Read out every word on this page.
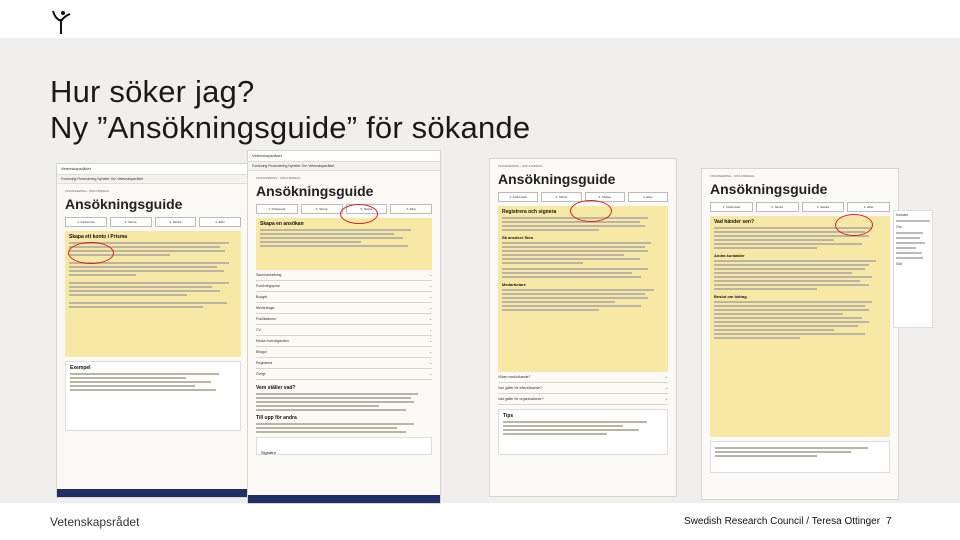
Hur söker jag?
Ny ”Ansökningsguide” för sökande
Vetenskapsrådet
Forskning Finansiering Nyheter Om Vetenskapsrådet
FINANSIERING › SÖKA BIDRAG
Ansökningsguide
1. Förbereda	2. Skriva	3. Skicka	4. Efter
Skapa ett konto i Prisma
Exempel
Vetenskapsrådet
Forskning Finansiering Nyheter Om Vetenskapsrådet
FINANSIERING › SÖKA BIDRAG
Ansökningsguide
1. Förbereda	2. Skriva	3. Skicka	4. Efter
Skapa en ansökan
Sammanfattning	⌄
Forskningsplan	⌄
Budget	⌄
Meriteringar	⌄
Publikationer	⌄
CV	⌄
Etiska överväganden	⌄
Bilagor	⌄
Registrera	⌄
Övrigt	⌄
Vem ställer vad?
Till upp för andra
Signatur
FINANSIERING › SÖKA BIDRAG
Ansökningsguide
1. Förbereda	2. Skriva	3. Skicka	4. Efter
Registrera och signera
Så ansöker flera
Medarbetare
Vilken medsökande?	⌄
Vad gäller för eftersökande?	⌄
Vad gäller för organisationer?	⌄
Tips
FINANSIERING › SÖKA BIDRAG
Ansökningsguide
1. Förbereda	2. Skriva	3. Skicka	4. Efter
Vad händer sen?
Andra kontakter
Beslut om bidrag
Kontakt
Om
Sök
Vetenskapsrådet	Swedish Research Council / Teresa Ottinger 7
